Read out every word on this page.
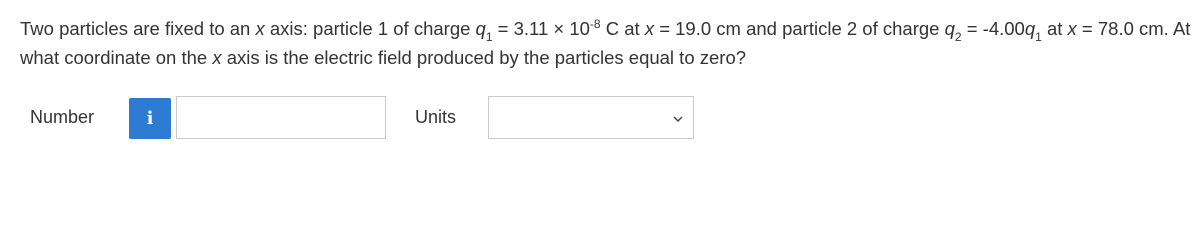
Two particles are fixed to an x axis: particle 1 of charge $q_1 = 3.11 \times 10^{-8}$ C at x = 19.0 cm and particle 2 of charge $q_2 = -4.00q_1$ at x = 78.0 cm. At what coordinate on the x axis is the electric field produced by the particles equal to zero?
Number	i	Units
